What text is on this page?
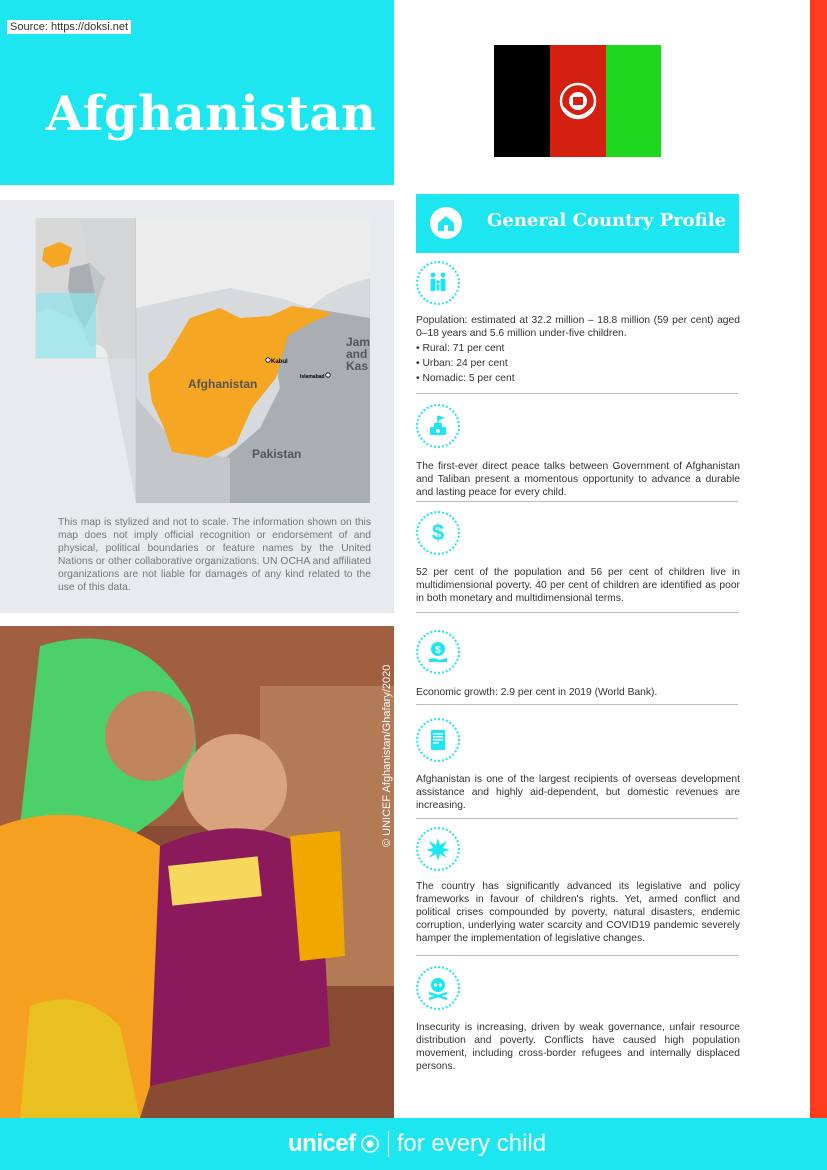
Source: https://doksi.net
Afghanistan
Afghanistan
Pakistan
Kabul
Islamabad
Jam and Kas
This map is stylized and not to scale. The information shown on this map does not imply official recognition or endorsement of and physical, political boundaries or feature names by the United Nations or other collaborative organizations. UN OCHA and affiliated organizations are not liable for damages of any kind related to the use of this data.
© UNICEF Afghanistan/Ghafary/2020
General Country Profile

Population: estimated at 32.2 million – 18.8 million (59 per cent) aged 0–18 years and 5.6 million under-five children.

• Rural: 71 per cent

• Urban: 24 per cent

• Nomadic: 5 per cent

The first-ever direct peace talks between Government of Afghanistan and Taliban present a momentous opportunity to advance a durable and lasting peace for every child.
$
52 per cent of the population and 56 per cent of children live in multidimensional poverty. 40 per cent of children are identified as poor in both monetary and multidimensional terms.
$
Economic growth: 2.9 per cent in 2019 (World Bank).
Afghanistan is one of the largest recipients of overseas development assistance and highly aid-dependent, but domestic revenues are increasing.
The country has significantly advanced its legislative and policy frameworks in favour of children's rights. Yet, armed conflict and political crises compounded by poverty, natural disasters, endemic corruption, underlying water scarcity and COVID19 pandemic severely hamper the implementation of legislative changes.
Insecurity is increasing, driven by weak governance, unfair resource distribution and poverty. Conflicts have caused high population movement, including cross-border refugees and internally displaced persons.
unicef for every child
